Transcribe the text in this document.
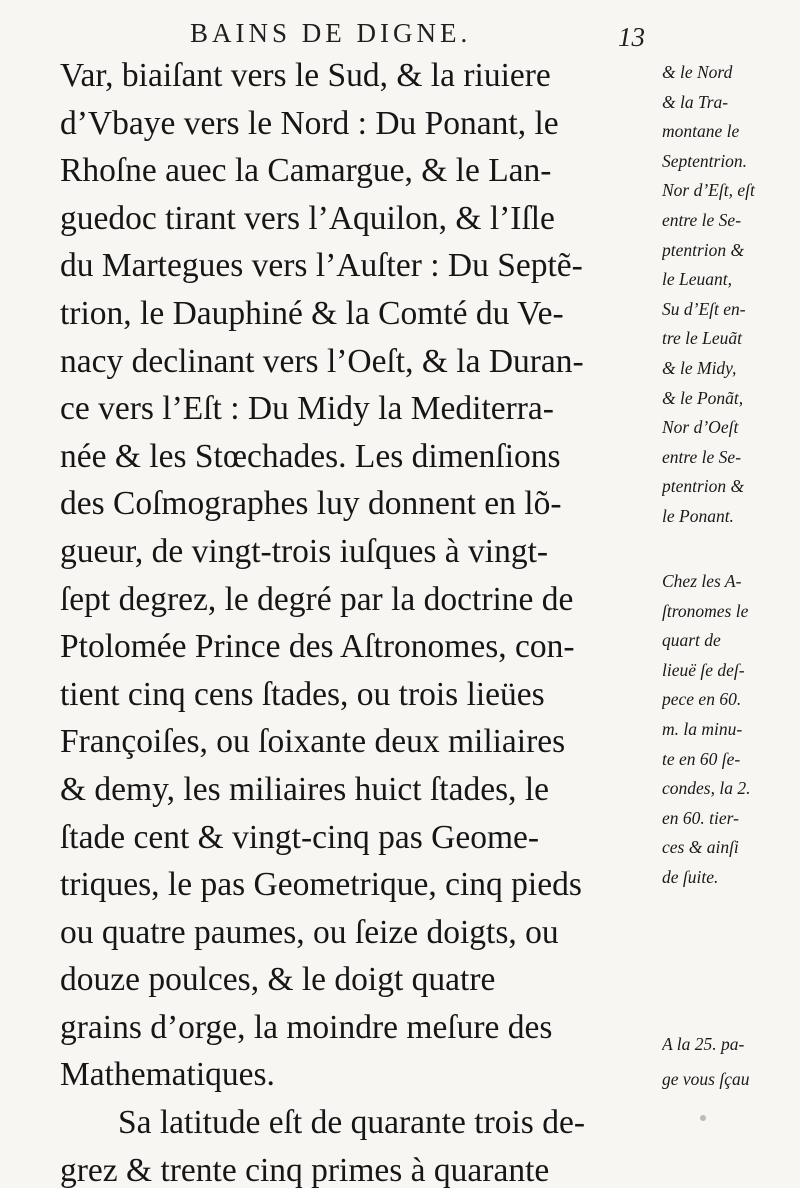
BAINS DE DIGNE.	13
Var, biaiſant vers le Sud, & la riuiere
d’Vbaye vers le Nord : Du Ponant, le
Rhoſne auec la Camargue, & le Lan-
guedoc tirant vers l’Aquilon, & l’Iſle
du Martegues vers l’Auſter : Du Septẽ-
trion, le Dauphiné & la Comté du Ve-
nacy declinant vers l’Oeſt, & la Duran-
ce vers l’Eſt : Du Midy la Mediterra-
née & les Stœchades. Les dimenſions
des Coſmographes luy donnent en lõ-
gueur, de vingt-trois iuſques à vingt-
ſept degrez, le degré par la doctrine de
Ptolomée Prince des Aſtronomes, con-
tient cinq cens ſtades, ou trois lieües
Françoiſes, ou ſoixante deux miliaires
& demy, les miliaires huict ſtades, le
ſtade cent & vingt-cinq pas Geome-
triques, le pas Geometrique, cinq pieds
ou quatre paumes, ou ſeize doigts, ou
douze poulces, & le doigt quatre
grains d’orge, la moindre meſure des
Mathematiques.
Sa latitude eſt de quarante trois de-
grez & trente cinq primes à quarante
& le Nord
& la Tra-
montane le
Septentrion.
Nor d’Eſt, eſt
entre le Se-
ptentrion &
le Leuant,
Su d’Eſt en-
tre le Leuãt
& le Midy,
& le Ponãt,
Nor d’Oeſt
entre le Se-
ptentrion &
le Ponant.
Chez les A-
ſtronomes le
quart de
lieuë ſe deſ-
pece en 60.
m. la minu-
te en 60 ſe-
condes, la 2.
en 60. tier-
ces & ainſi
de ſuite.
A la 25. pa-
ge vous ſçau
